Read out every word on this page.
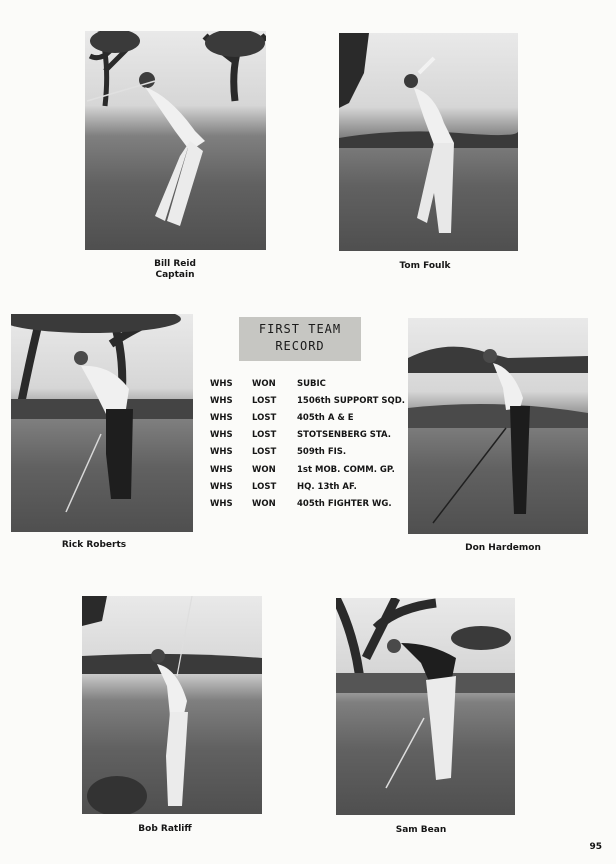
Bill Reid
Captain
Tom Foulk
Rick Roberts
FIRST TEAM
RECORD
WHS	WON	SUBIC
WHS	LOST	1506th SUPPORT SQD.
WHS	LOST	405th A & E
WHS	LOST	STOTSENBERG STA.
WHS	LOST	509th FIS.
WHS	WON	1st MOB. COMM. GP.
WHS	LOST	HQ. 13th AF.
WHS	WON	405th FIGHTER WG.
Don Hardemon
Bob Ratliff	Sam Bean
95
